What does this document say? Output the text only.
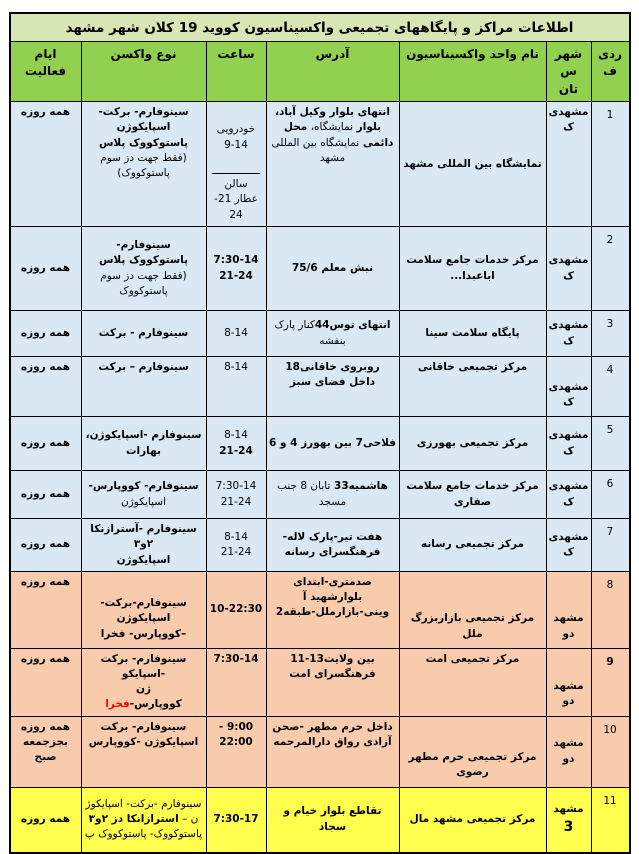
اطلاعات مراکز و پایگاههای تجمیعی واکسیناسیون کووید 19 کلان شهر مشهد
ردی
ف
شهرس
تان
نام واحد واکسیناسیون
آدرس
ساعت
نوع واکسن
ایام
فعالیت
1
مشهدی
ک
نمایشگاه بین المللی مشهد
انتهای بلوار وکیل آباد،
بلوار نمایشگاه، محل
دائمی نمایشگاه بین المللی
مشهد
خودرویی
9-14
سالن
عطار 21-
24
سینوفارم- برکت-اسپایکوژن
پاستوکووک پلاس
(فقط جهت دز سوم
پاستوکووک)
همه روزه
2
مشهدی
ک
مرکز خدمات جامع سلامت
اباعبدا...
نبش معلم 75/6
7:30-14
21-24
سینوفارم-
پاستوکووک پلاس
(فقط جهت دز سوم
پاستوکووک
همه روزه
3
مشهدی
ک
پایگاه سلامت سینا
انتهای توس44کنار پارک
بنفشه
8-14
سینوفارم - برکت
همه روزه
4
مشهدی
ک
مرکز تجمیعی خاقانی
روبروی خاقانی18
داخل فضای سبز
8-14
سینوفارم – برکت
همه روزه
5
مشهدی
ک
مرکز تجمیعی بهورزی
فلاحی7 بین بهورز 4 و 6
8-14
21-24
سینوفارم -اسپایکوژن،
بهارات
همه روزه
6
مشهدی
ک
مرکز خدمات جامع سلامت
صفاری
هاشمیه33 تابان 8 جنب
مسجد
7:30-14
21-24
سینوفارم- کووپارس-
اسپایکوژن
همه روزه
7
مشهدی
ک
مرکز تجمیعی رسانه
هفت تیر-پارک لاله-
فرهنگسرای رسانه
8-14
21-24
سینوفارم -آسترازنکا ۲و۳
اسپایکوژن
همه روزه
8
مشهد
دو
مرکز تجمیعی بازاربزرگ ملل
صدمتری-ابتدای بلوارشهید آ
وینی-بازارملل-طبقه2
10-22:30
سینوفارم-برکت-اسپایکوژن
–کووپارس- فخرا
همه روزه
9
مشهد
دو
مرکز تجمیعی امت
بین ولایت13-11
فرهنگسرای امت
7:30-14
سینوفارم- برکت -اسپایکو
ژن
کووپارس-فخرا
همه روزه
10
مشهد
دو
مرکز تجمیعی حرم مطهر رضوی
داخل حرم مطهر -صحن
آزادی رواق دارالمرحمه
9:00 -
22:00
سینوفارم- برکت
اسپایکوژن -کووپارس
همه روزه
بجزجمعه
صبح
11
مشهد
3
مرکز تجمیعی مشهد مال
تقاطع بلوار خیام و سجاد
7:30-17
سینوفارم -برکت- اسپایکوژ
ن – استرازانکا دز ۲و۳
پاستوکووک- پاستوکووک پ
همه روزه
